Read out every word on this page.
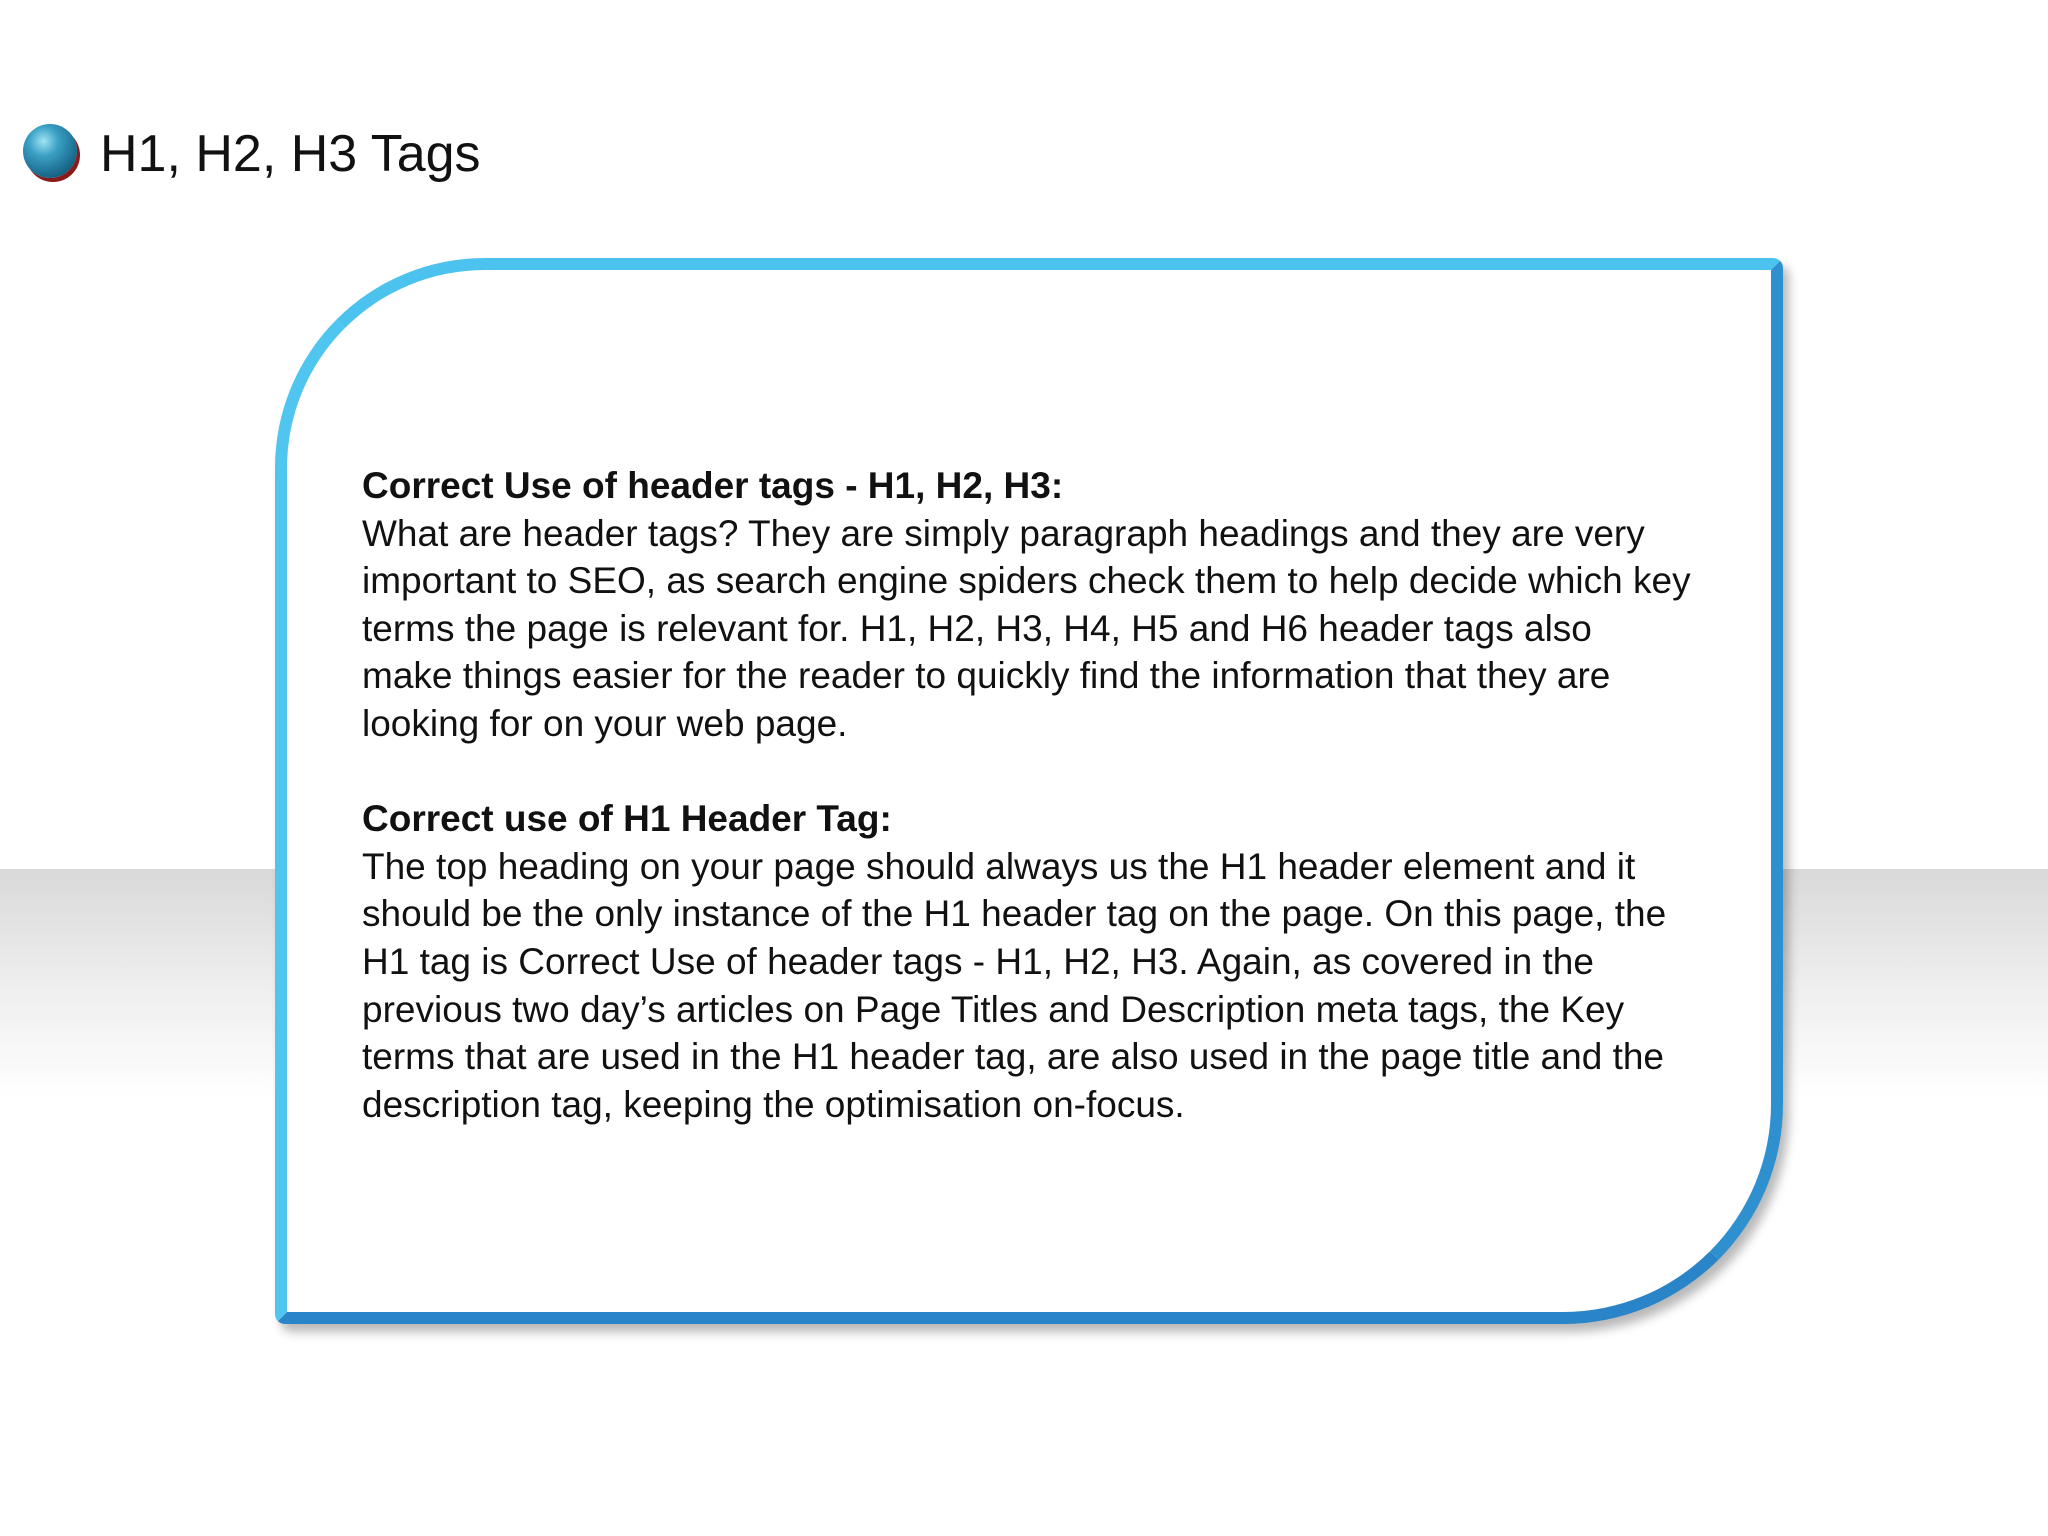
H1, H2, H3 Tags

Correct Use of header tags - H1, H2, H3:

What are header tags? They are simply paragraph headings and they are very important to SEO, as search engine spiders check them to help decide which key terms the page is relevant for. H1, H2, H3, H4, H5 and H6 header tags also make things easier for the reader to quickly find the information that they are looking for on your web page.

Correct use of H1 Header Tag:

The top heading on your page should always us the H1 header element and it should be the only instance of the H1 header tag on the page. On this page, the H1 tag is Correct Use of header tags - H1, H2, H3. Again, as covered in the previous two day’s articles on Page Titles and Description meta tags, the Key terms that are used in the H1 header tag, are also used in the page title and the description tag, keeping the optimisation on-focus.
